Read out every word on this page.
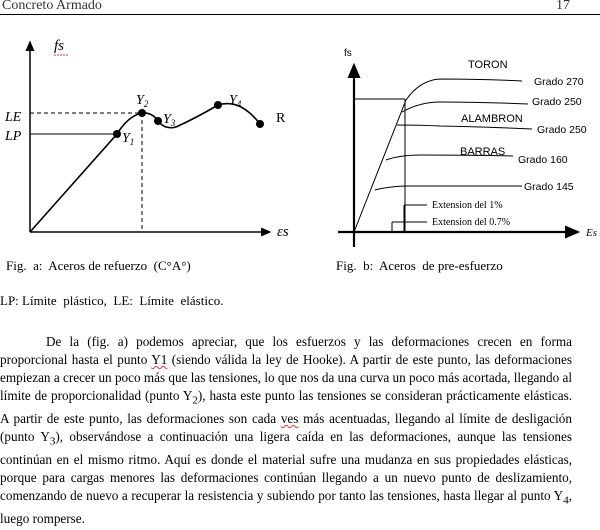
Concreto Armado	17
fs
εs
LE
LP	$Y_1$
$Y_2$
$Y_3$
$Y_4$
R
fs
Es
TORON
Grado 270
Grado 250
ALAMBRON
Grado 250
BARRAS
Grado 160
Grado 145
Extension del 1%
Extension del 0.7%
Fig.  a:  Aceros de refuerzo  (C°A°)	Fig.  b:  Aceros  de pre-esfuerzo
LP: Límite  plástico,  LE:  Límite  elástico.

De la (fig. a) podemos apreciar, que los esfuerzos y las deformaciones crecen en forma proporcional hasta el punto Y1 (siendo válida la ley de Hooke). A partir de este punto, las deformaciones empiezan a crecer un poco más que las tensiones, lo que nos da una curva un poco más acortada, llegando al límite de proporcionalidad (punto $Y_2$), hasta este punto las tensiones se consideran prácticamente elásticas. A partir de este punto, las deformaciones son cada ves más acentuadas, llegando al límite de desligación (punto $Y_3$), observándose a continuación una ligera caída en las deformaciones, aunque las tensiones continúan en el mismo ritmo. Aquí es donde el material sufre una mudanza en sus propiedades elásticas, porque para cargas menores las deformaciones continúan llegando a un nuevo punto de deslizamiento, comenzando de nuevo a recuperar la resistencia y subiendo por tanto las tensiones, hasta llegar al punto $Y_4$, luego romperse.
